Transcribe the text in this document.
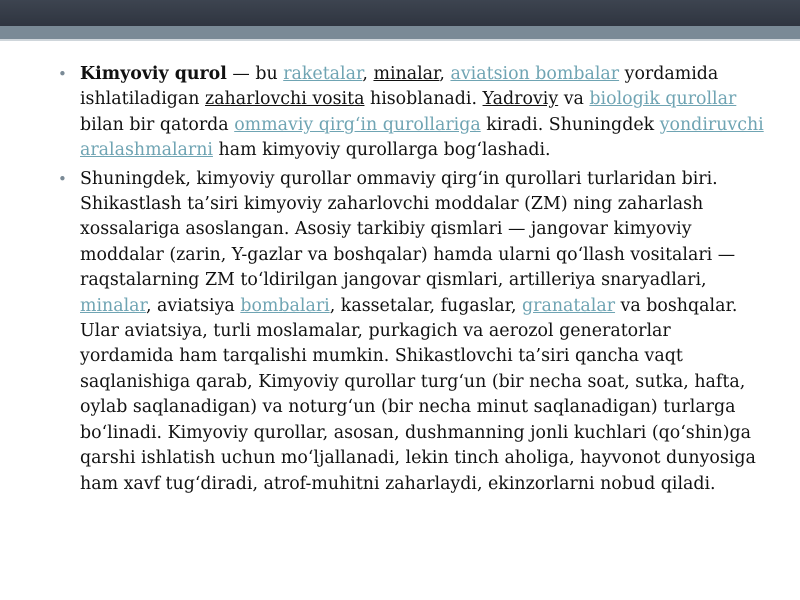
• Kimyoviy qurol — bu raketalar, minalar, aviatsion bombalar yordamida ishlatiladigan zaharlovchi vosita hisoblanadi. Yadroviy va biologik qurollar bilan bir qatorda ommaviy qirg‘in qurollariga kiradi. Shuningdek yondiruvchi aralashmalarni ham kimyoviy qurollarga bog‘lashadi.
• Shuningdek, kimyoviy qurollar ommaviy qirg‘in qurollari turlaridan biri. Shikastlash ta’siri kimyoviy zaharlovchi moddalar (ZM) ning zaharlash xossalariga asoslangan. Asosiy tarkibiy qismlari — jangovar kimyoviy moddalar (zarin, Y-gazlar va boshqalar) hamda ularni qo‘llash vositalari — raqstalarning ZM to‘ldirilgan jangovar qismlari, artilleriya snaryadlari, minalar, aviatsiya bombalari, kassetalar, fugaslar, granatalar va boshqalar. Ular aviatsiya, turli moslamalar, purkagich va aerozol generatorlar yordamida ham tarqalishi mumkin. Shikastlovchi ta’siri qancha vaqt saqlanishiga qarab, Kimyoviy qurollar turg‘un (bir necha soat, sutka, hafta, oylab saqlanadigan) va noturg‘un (bir necha minut saqlanadigan) turlarga bo‘linadi. Kimyoviy qurollar, asosan, dushmanning jonli kuchlari (qo‘shin)ga qarshi ishlatish uchun mo‘ljallanadi, lekin tinch aholiga, hayvonot dunyosiga ham xavf tug‘diradi, atrof-muhitni zaharlaydi, ekinzorlarni nobud qiladi.
